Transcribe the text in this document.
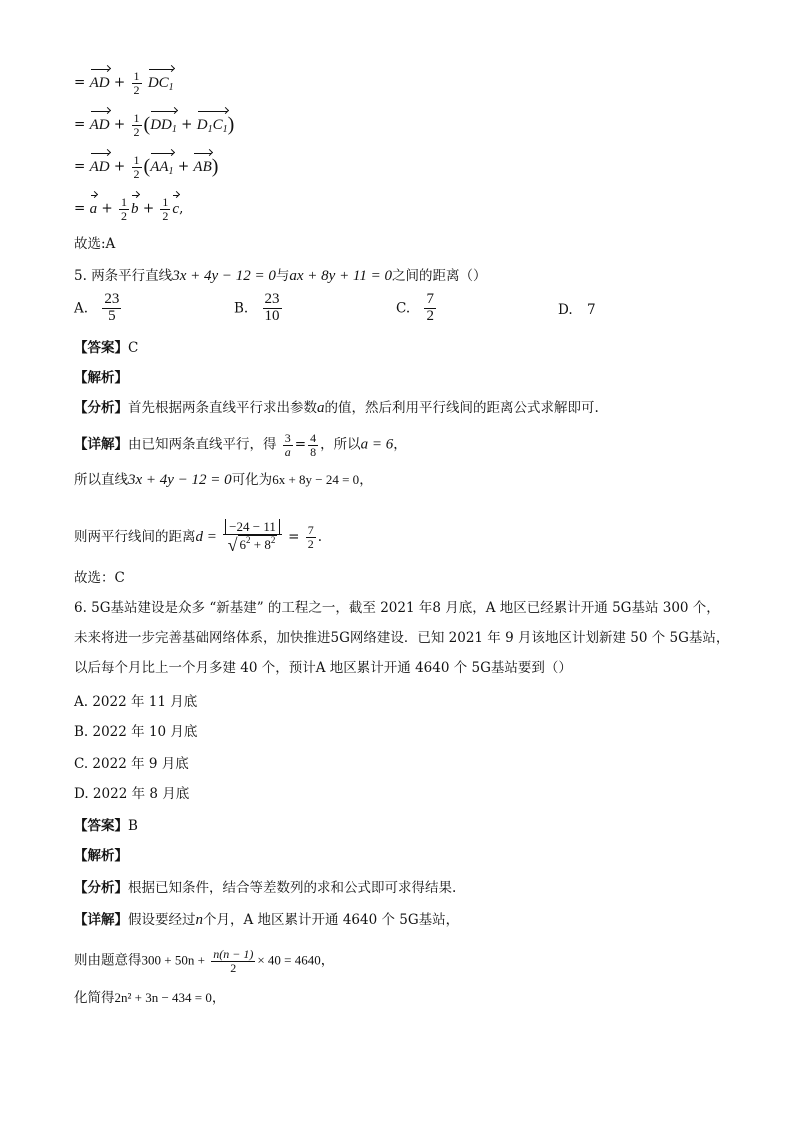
= AD + $\frac{1}{2} DC_1$
= AD + $\frac{1}{2} (DD_1 + D_1C_1)$
= AD + $\frac{1}{2} (AA_1 + AB)$
= $a + \frac{1}{2}$ $b + \frac{1}{2} c$,
故选:A
5. 两条平行直线3x + 4y − 12 = 0与ax + 8y + 11 = 0之间的距离（）
A. $\frac{23}{5}$	B. $\frac{23}{10}$	C. $\frac{7}{2}$	D. 7
【答案】C
【解析】
【分析】首先根据两条直线平行求出参数a的值，然后利用平行线间的距离公式求解即可.
【详解】由已知两条直线平行，得 $\frac{3}{a} = \frac{4}{8}$ ，所以a = 6，
所以直线3x + 4y − 12 = 0可化为6x + 8y − 24 = 0，
则两平行线间的距离$d = \frac{-24 - 11}{√ 6^2 + 8^2} = \frac{7}{2}$ .
故选：C
6. 5G基站建设是众多 “新基建” 的工程之一，截至 2021 年8 月底，A 地区已经累计开通 5G基站 300 个，
未来将进一步完善基础网络体系，加快推进5G网络建设．已知 2021 年 9 月该地区计划新建 50 个 5G基站，
以后每个月比上一个月多建 40 个，预计A 地区累计开通 4640 个 5G基站要到（）
A. 2022 年 11 月底
B. 2022 年 10 月底
C. 2022 年 9 月底
D. 2022 年 8 月底
【答案】B
【解析】
【分析】根据已知条件，结合等差数列的求和公式即可求得结果.
【详解】假设要经过n个月，A 地区累计开通 4640 个 5G基站，
则由题意得$300 + 50n + \frac{n(n - 1)}{2} \times 40 = 4640$，
化简得2n² + 3n − 434 = 0，
